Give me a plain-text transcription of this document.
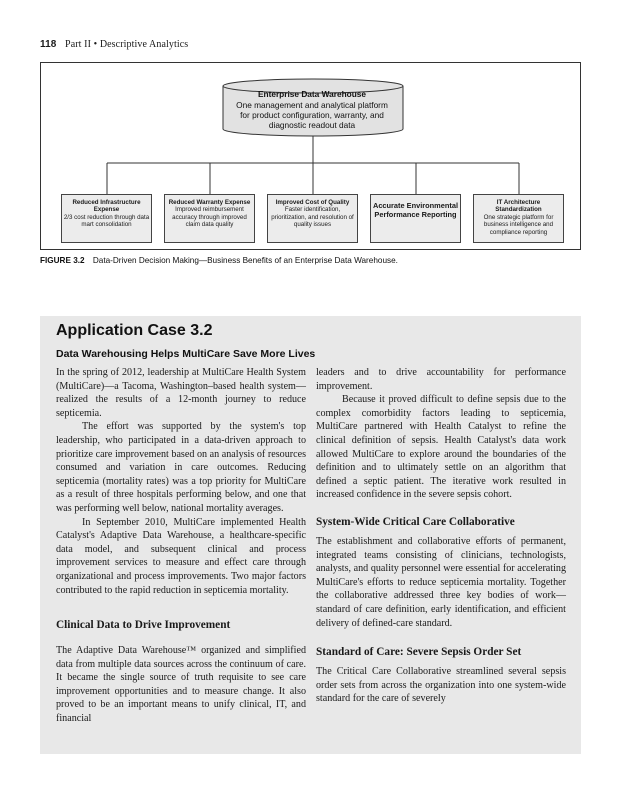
118 Part II • Descriptive Analytics
Enterprise Data Warehouse
One management and analytical platform for product configuration, warranty, and diagnostic readout data
Reduced Infrastructure Expense
2/3 cost reduction through data mart consolidation
Reduced Warranty Expense
Improved reimbursement accuracy through improved claim data quality
Improved Cost of Quality
Faster identification, prioritization, and resolution of quality issues
Accurate Environmental Performance Reporting
IT Architecture Standardization
One strategic platform for business intelligence and compliance reporting
FIGURE 3.2 Data-Driven Decision Making—Business Benefits of an Enterprise Data Warehouse.
Application Case 3.2
Data Warehousing Helps MultiCare Save More Lives

In the spring of 2012, leadership at MultiCare Health System (MultiCare)—a Tacoma, Washington–based health system—realized the results of a 12-month journey to reduce septicemia.

The effort was supported by the system's top leadership, who participated in a data-driven approach to prioritize care improvement based on an analysis of resources consumed and variation in care outcomes. Reducing septicemia (mortality rates) was a top priority for MultiCare as a result of three hospitals performing below, and one that was performing well below, national mortality averages.

In September 2010, MultiCare implemented Health Catalyst's Adaptive Data Warehouse, a healthcare-specific data model, and subsequent clinical and process improvement services to measure and effect care through organizational and process improvements. Two major factors contributed to the rapid reduction in septicemia mortality.

Clinical Data to Drive Improvement

The Adaptive Data Warehouse™ organized and simplified data from multiple data sources across the continuum of care. It became the single source of truth requisite to see care improvement opportunities and to measure change. It also proved to be an important means to unify clinical, IT, and financial

leaders and to drive accountability for performance improvement.

Because it proved difficult to define sepsis due to the complex comorbidity factors leading to septicemia, MultiCare partnered with Health Catalyst to refine the clinical definition of sepsis. Health Catalyst's data work allowed MultiCare to explore around the boundaries of the definition and to ultimately settle on an algorithm that defined a septic patient. The iterative work resulted in increased confidence in the severe sepsis cohort.

System-Wide Critical Care Collaborative

The establishment and collaborative efforts of permanent, integrated teams consisting of clinicians, technologists, analysts, and quality personnel were essential for accelerating MultiCare's efforts to reduce septicemia mortality. Together the collaborative addressed three key bodies of work—standard of care definition, early identification, and efficient delivery of defined-care standard.

Standard of Care: Severe Sepsis Order Set

The Critical Care Collaborative streamlined several sepsis order sets from across the organization into one system-wide standard for the care of severely
